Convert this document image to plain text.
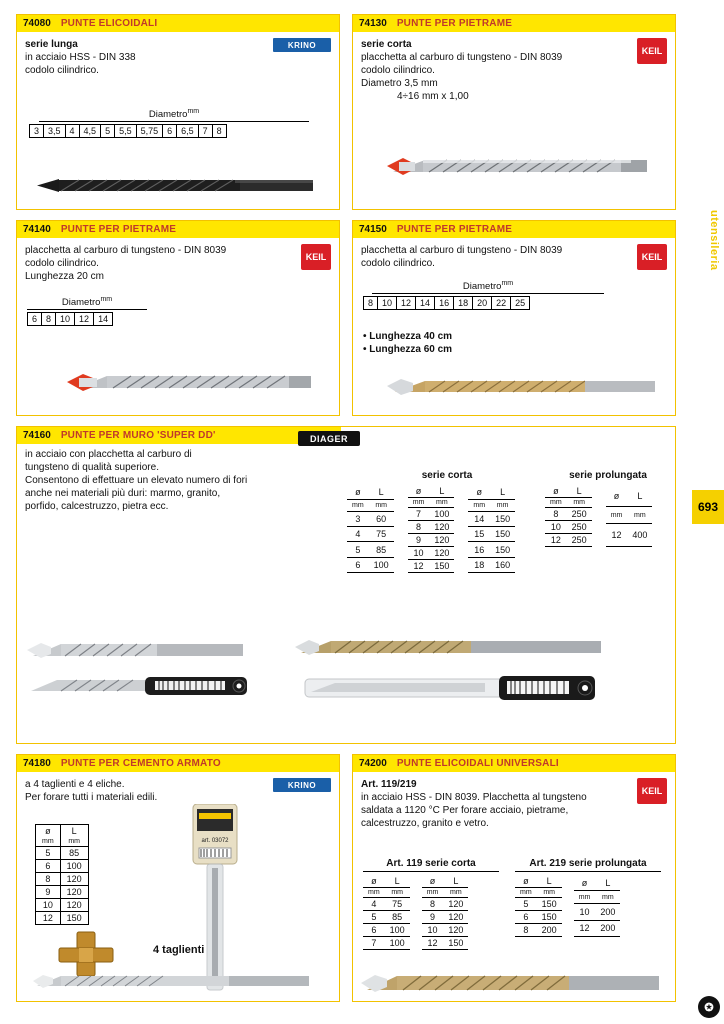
74080 PUNTE ELICOIDALI
KRINO
serie lunga
in acciaio HSS - DIN 338
codolo cilindrico.
Diametro$^{mm}$
3	3,5	4	4,5	5	5,5	5,75	6	6,5	7	8
74130 PUNTE PER PIETRAME
KEIL
serie corta
placchetta al carburo di tungsteno - DIN 8039
codolo cilindrico.
Diametro 3,5 mm
4÷16 mm x 1,00
74140 PUNTE PER PIETRAME
KEIL
placchetta al carburo di tungsteno - DIN 8039
codolo cilindrico.
Lunghezza 20 cm
Diametro$^{mm}$
6	8	10	12	14
74150 PUNTE PER PIETRAME
KEIL
placchetta al carburo di tungsteno - DIN 8039
codolo cilindrico.
Diametro$^{mm}$
8	10	12	14	16	18	20	22	25
• Lunghezza 40 cm
• Lunghezza 60 cm
74160 PUNTE PER MURO 'SUPER DD'	DIAGER
in acciaio con placchetta al carburo di
tungsteno di qualità superiore.
Consentono di effettuare un elevato numero di fori
anche nei materiali più duri: marmo, granito,
porfido, calcestruzzo, pietra ecc.
serie corta
ø	L
mm	mm
3	60
4	75
5	85
6	100
ø	L
mm	mm
7	100
8	120
9	120
10	120
12	150
ø	L
mm	mm
14	150
15	150
16	150
18	160
serie prolungata
ø	L
mm	mm
8	250
10	250
12	250
ø	L
mm	mm
12	400
74180 PUNTE PER CEMENTO ARMATO
KRINO
a 4 taglienti e 4 eliche.
Per forare tutti i materiali edili.
ø	L
mm	mm
5	85
6	100
8	120
9	120
10	120
12	150
art. 03072
4 taglienti
74200 PUNTE ELICOIDALI UNIVERSALI
KEIL
Art. 119/219
in acciaio HSS - DIN 8039. Placchetta al tungsteno
saldata a 1120 °C Per forare acciaio, pietrame,
calcestruzzo, granito e vetro.
Art. 119 serie corta
ø	L
mm	mm
4	75
5	85
6	100
7	100
ø	L
mm	mm
8	120
9	120
10	120
12	150
Art. 219 serie prolungata
ø	L
mm	mm
5	150
6	150
8	200
ø	L
mm	mm
10	200
12	200
utensileria
693
✪
